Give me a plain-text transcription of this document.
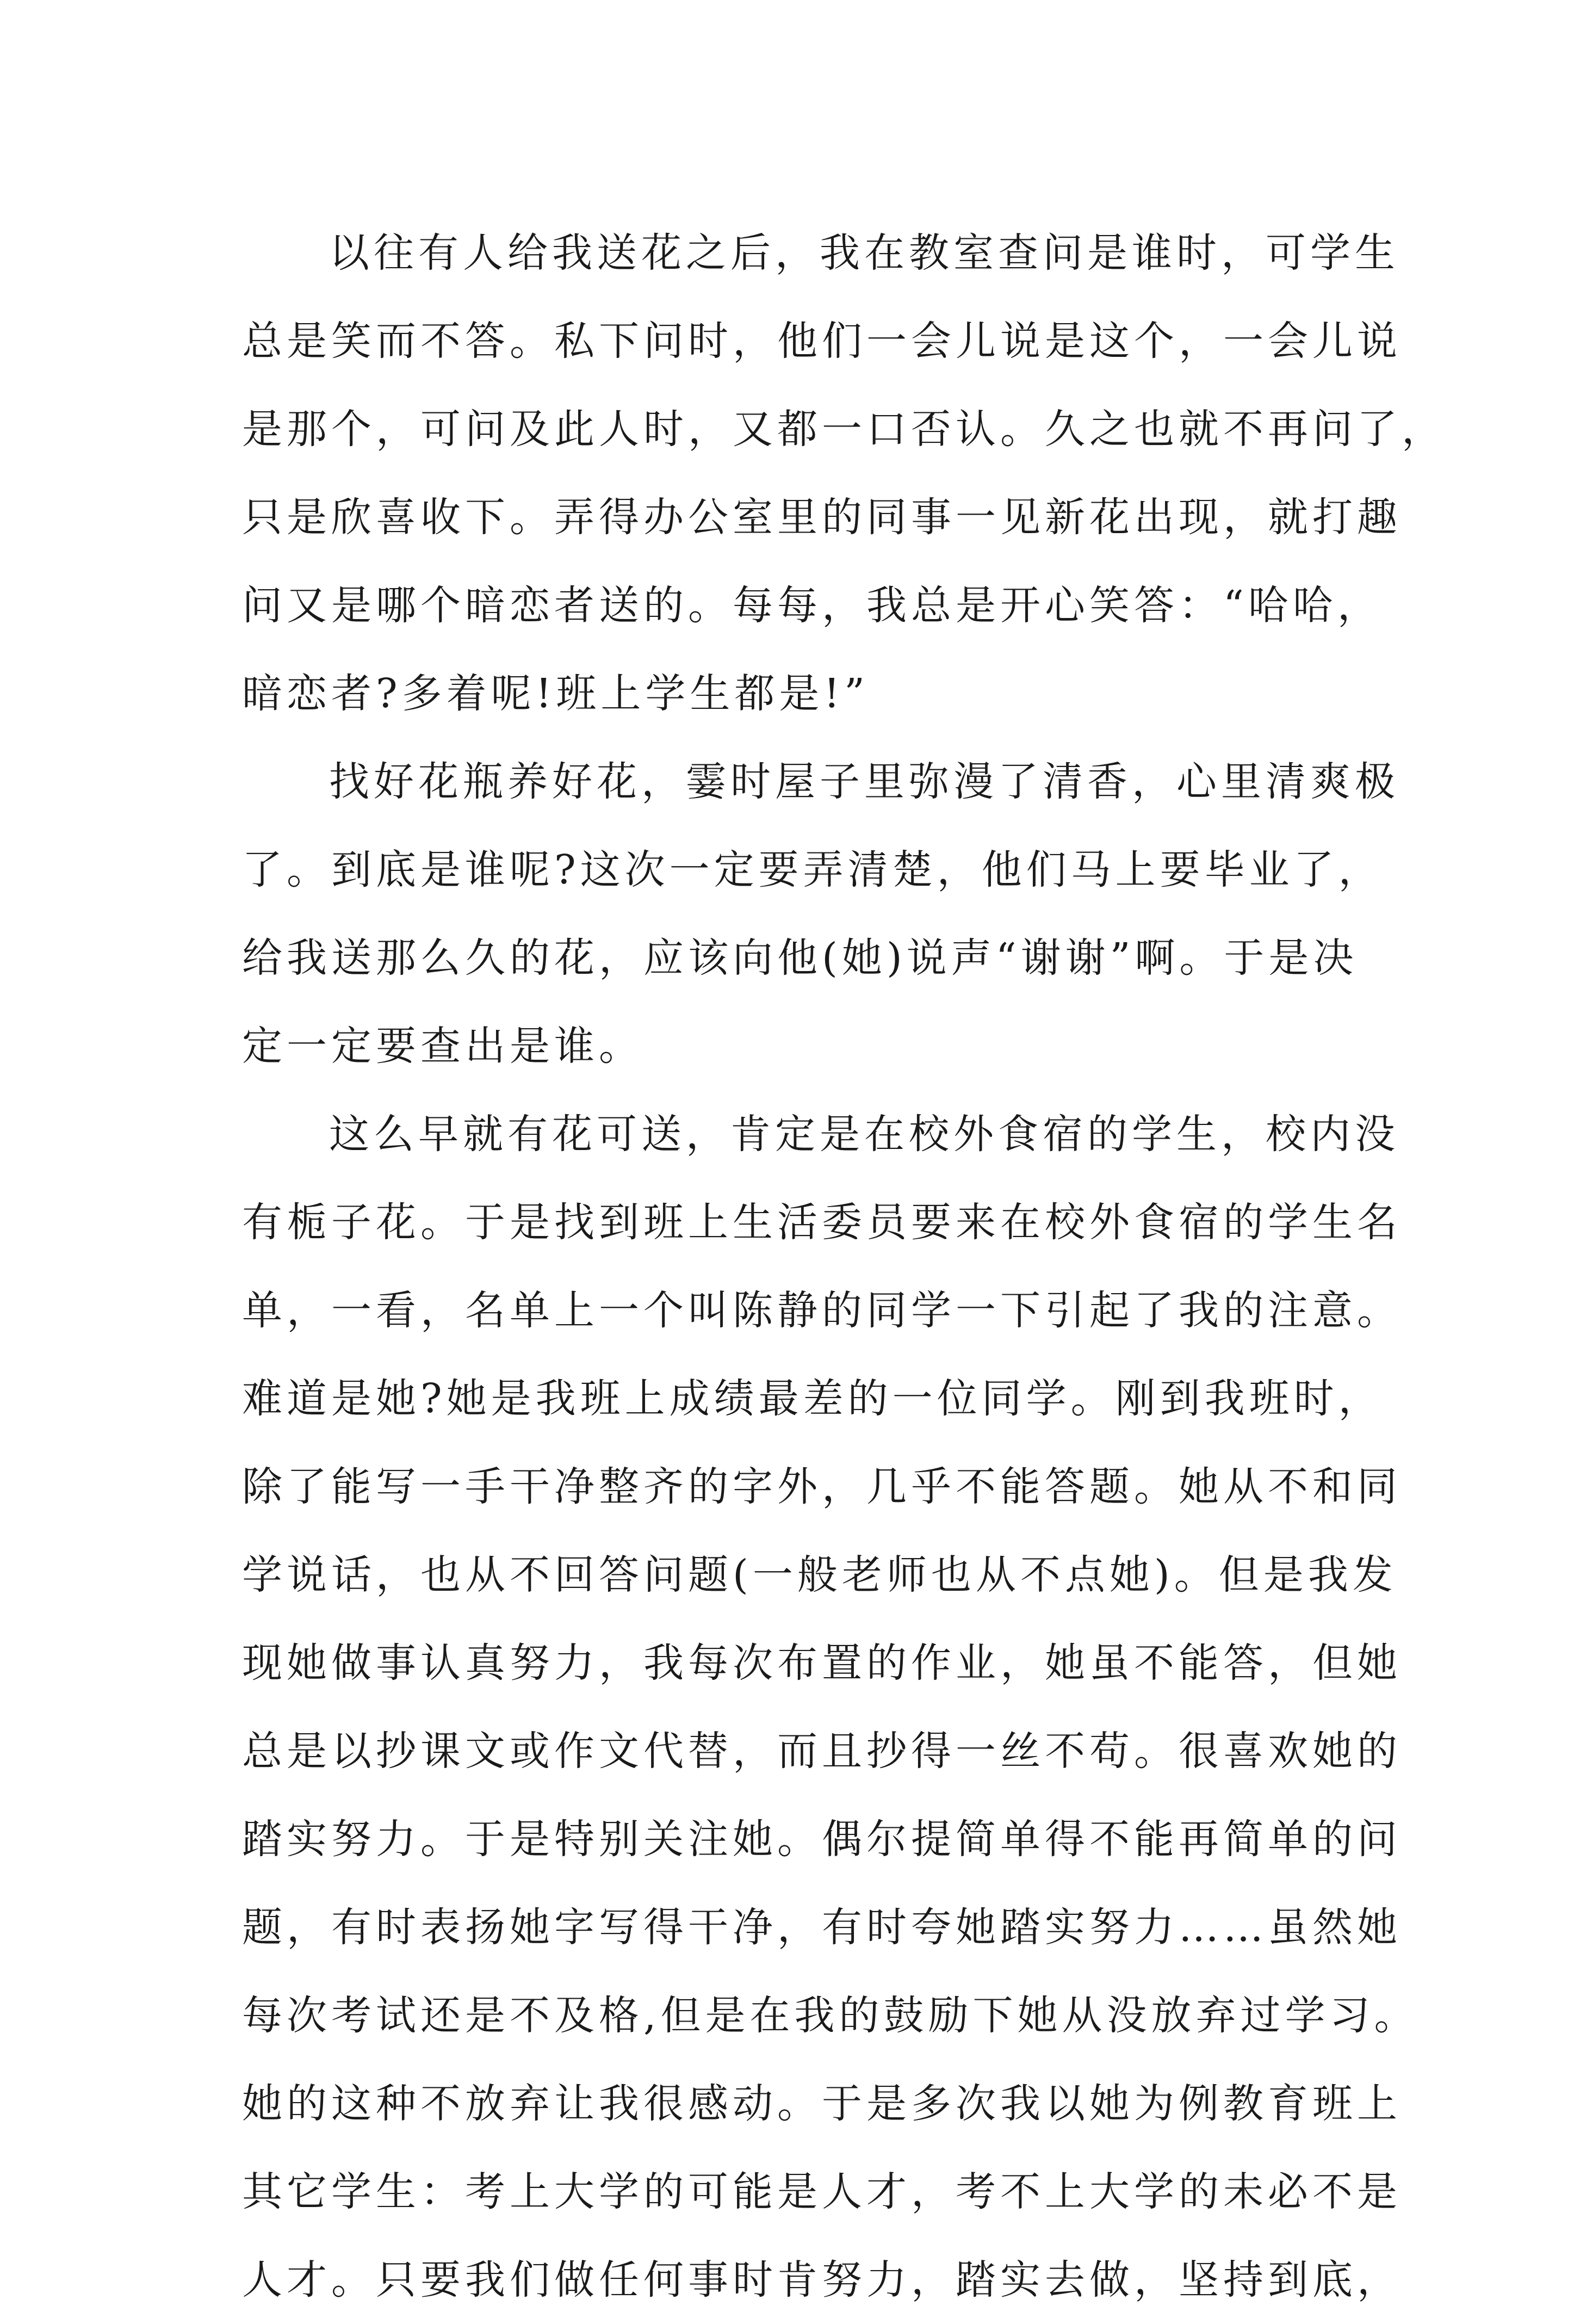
以往有人给我送花之后，我在教室查问是谁时，可学生
总是笑而不答。私下问时，他们一会儿说是这个，一会儿说
是那个，可问及此人时，又都一口否认。久之也就不再问了，
只是欣喜收下。弄得办公室里的同事一见新花出现，就打趣
问又是哪个暗恋者送的。每每，我总是开心笑答：“哈哈，
暗恋者?多着呢!班上学生都是!”
找好花瓶养好花，霎时屋子里弥漫了清香，心里清爽极
了。到底是谁呢?这次一定要弄清楚，他们马上要毕业了，
给我送那么久的花，应该向他(她)说声“谢谢”啊。于是决
定一定要查出是谁。
这么早就有花可送，肯定是在校外食宿的学生，校内没
有栀子花。于是找到班上生活委员要来在校外食宿的学生名
单，一看，名单上一个叫陈静的同学一下引起了我的注意。
难道是她?她是我班上成绩最差的一位同学。刚到我班时，
除了能写一手干净整齐的字外，几乎不能答题。她从不和同
学说话，也从不回答问题(一般老师也从不点她)。但是我发
现她做事认真努力，我每次布置的作业，她虽不能答，但她
总是以抄课文或作文代替，而且抄得一丝不苟。很喜欢她的
踏实努力。于是特别关注她。偶尔提简单得不能再简单的问
题，有时表扬她字写得干净，有时夸她踏实努力……虽然她
每次考试还是不及格,但是在我的鼓励下她从没放弃过学习。
她的这种不放弃让我很感动。于是多次我以她为例教育班上
其它学生：考上大学的可能是人才，考不上大学的未必不是
人才。只要我们做任何事时肯努力，踏实去做，坚持到底，
